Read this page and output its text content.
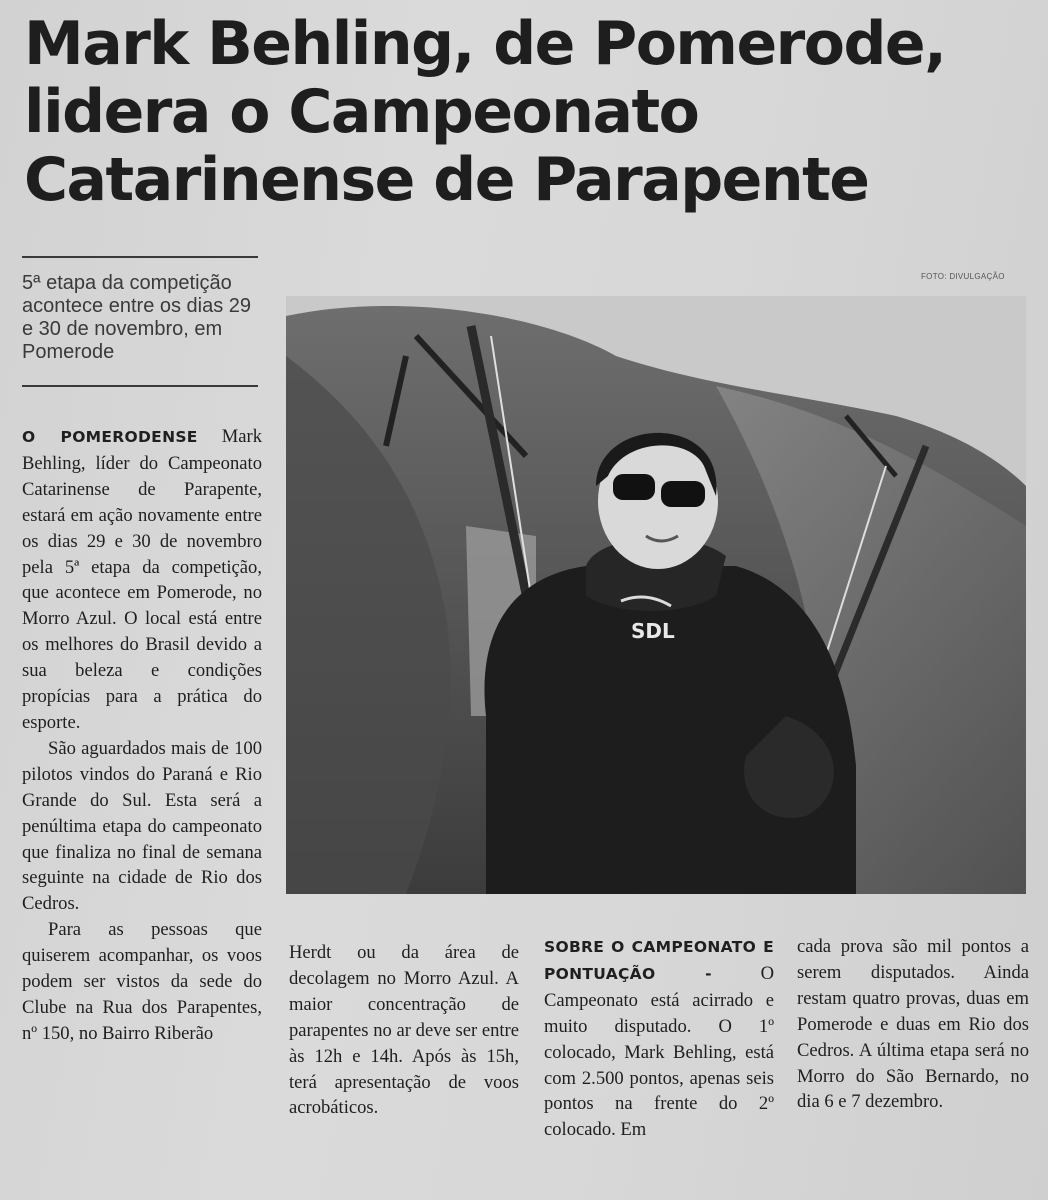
Mark Behling, de Pomerode,
lidera o Campeonato
Catarinense de Parapente

5ª etapa da competição acontece entre os dias 29 e 30 de novembro, em Pomerode

FOTO: DIVULGAÇÃO
SDL

O POMERODENSE Mark Behling, líder do Campeonato Catarinense de Parapente, estará em ação novamente entre os dias 29 e 30 de novembro pela 5ª etapa da competição, que acontece em Pomerode, no Morro Azul. O local está entre os melhores do Brasil devido a sua beleza e condições propícias para a prática do esporte.

São aguardados mais de 100 pilotos vindos do Paraná e Rio Grande do Sul. Esta será a penúltima etapa do campeonato que finaliza no final de semana seguinte na cidade de Rio dos Cedros.

Para as pessoas que quiserem acompanhar, os voos podem ser vistos da sede do Clube na Rua dos Parapentes, nº 150, no Bairro Riberão

Herdt ou da área de decolagem no Morro Azul. A maior concentração de parapentes no ar deve ser entre às 12h e 14h. Após às 15h, terá apresentação de voos acrobáticos.

SOBRE O CAMPEONATO E PONTUAÇÃO - O Campeonato está acirrado e muito disputado. O 1º colocado, Mark Behling, está com 2.500 pontos, apenas seis pontos na frente do 2º colocado. Em

cada prova são mil pontos a serem disputados. Ainda restam quatro provas, duas em Pomerode e duas em Rio dos Cedros. A última etapa será no Morro do São Bernardo, no dia 6 e 7 dezembro.
